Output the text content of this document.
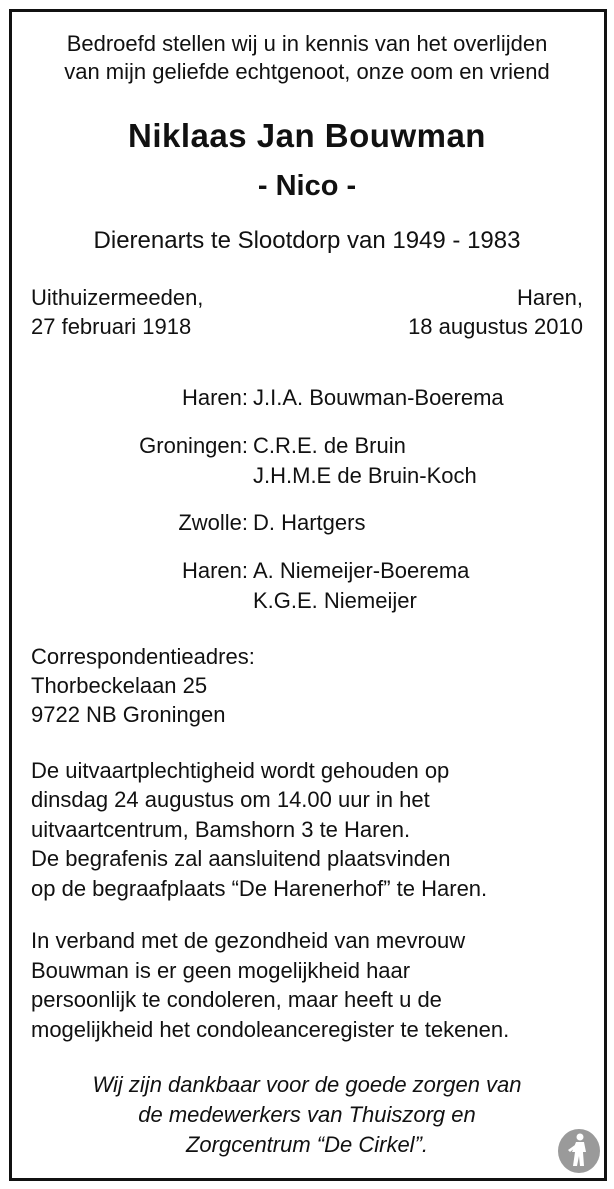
Bedroefd stellen wij u in kennis van het overlijden
van mijn geliefde echtgenoot, onze oom en vriend
Niklaas Jan Bouwman
- Nico -
Dierenarts te Slootdorp van 1949 - 1983
Uithuizermeeden,
27 februari 1918
Haren,
18 augustus 2010
Haren: J.I.A. Bouwman-Boerema
Groningen: C.R.E. de Bruin
J.H.M.E de Bruin-Koch
Zwolle: D. Hartgers
Haren: A. Niemeijer-Boerema
K.G.E. Niemeijer
Correspondentieadres:
Thorbeckelaan 25
9722 NB Groningen
De uitvaartplechtigheid wordt gehouden op
dinsdag 24 augustus om 14.00 uur in het
uitvaartcentrum, Bamshorn 3 te Haren.
De begrafenis zal aansluitend plaatsvinden
op de begraafplaats “De Harenerhof” te Haren.
In verband met de gezondheid van mevrouw
Bouwman is er geen mogelijkheid haar
persoonlijk te condoleren, maar heeft u de
mogelijkheid het condoleanceregister te tekenen.
Wij zijn dankbaar voor de goede zorgen van
de medewerkers van Thuiszorg en
Zorgcentrum “De Cirkel”.
